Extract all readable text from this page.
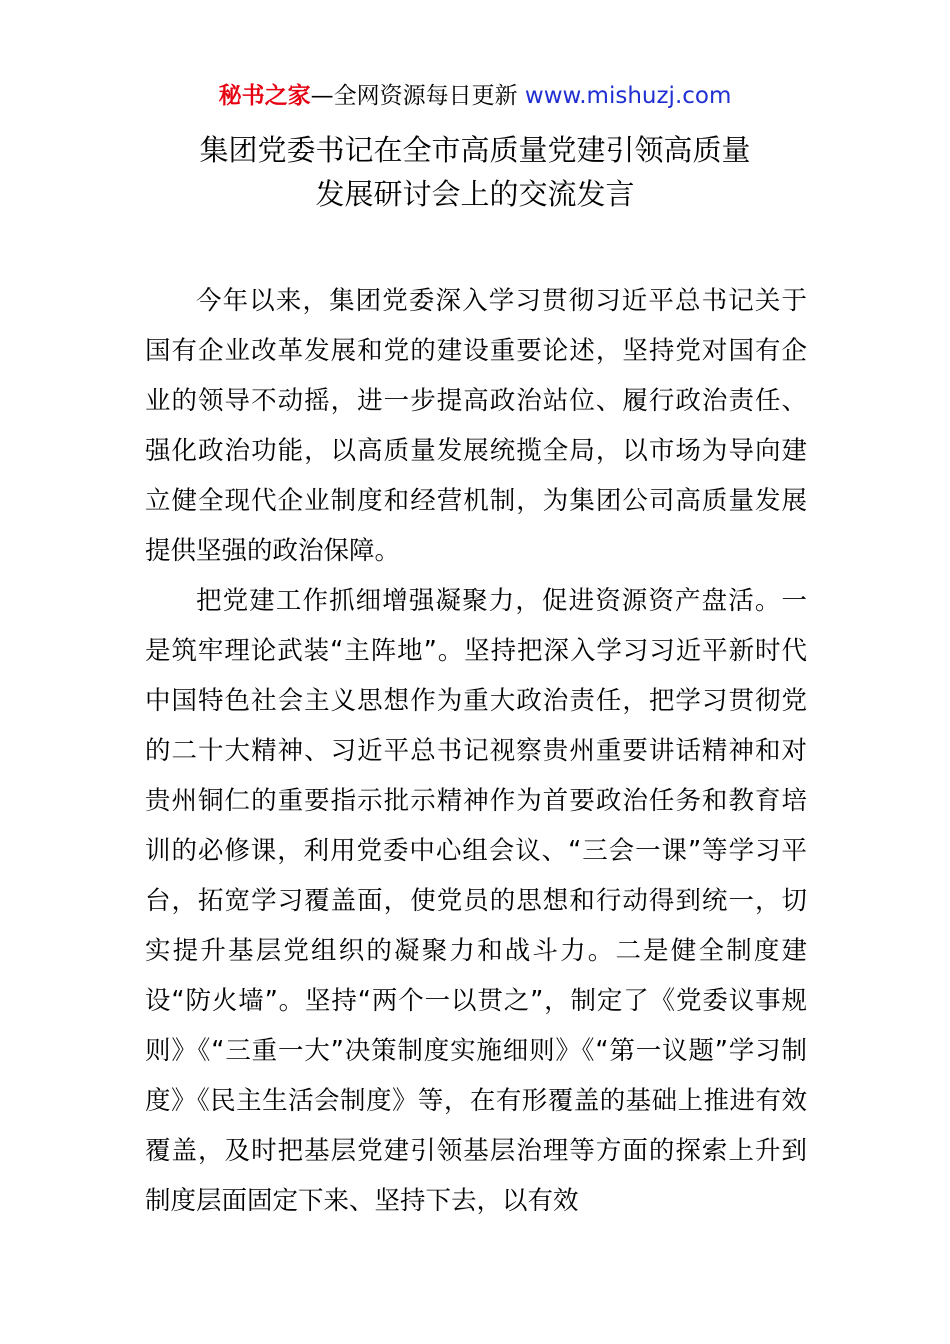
秘书之家—全网资源每日更新 www.mishuzj.com
集团党委书记在全市高质量党建引领高质量
发展研讨会上的交流发言

今年以来，集团党委深入学习贯彻习近平总书记关于国有企业改革发展和党的建设重要论述，坚持党对国有企业的领导不动摇，进一步提高政治站位、履行政治责任、强化政治功能，以高质量发展统揽全局，以市场为导向建立健全现代企业制度和经营机制，为集团公司高质量发展提供坚强的政治保障。

把党建工作抓细增强凝聚力，促进资源资产盘活。一是筑牢理论武装“主阵地”。坚持把深入学习习近平新时代中国特色社会主义思想作为重大政治责任，把学习贯彻党的二十大精神、习近平总书记视察贵州重要讲话精神和对贵州铜仁的重要指示批示精神作为首要政治任务和教育培训的必修课，利用党委中心组会议、“三会一课”等学习平台，拓宽学习覆盖面，使党员的思想和行动得到统一，切实提升基层党组织的凝聚力和战斗力。二是健全制度建设“防火墙”。坚持“两个一以贯之”，制定了《党委议事规则》《“三重一大”决策制度实施细则》《“第一议题”学习制度》《民主生活会制度》等，在有形覆盖的基础上推进有效覆盖，及时把基层党建引领基层治理等方面的探索上升到制度层面固定下来、坚持下去，以有效
